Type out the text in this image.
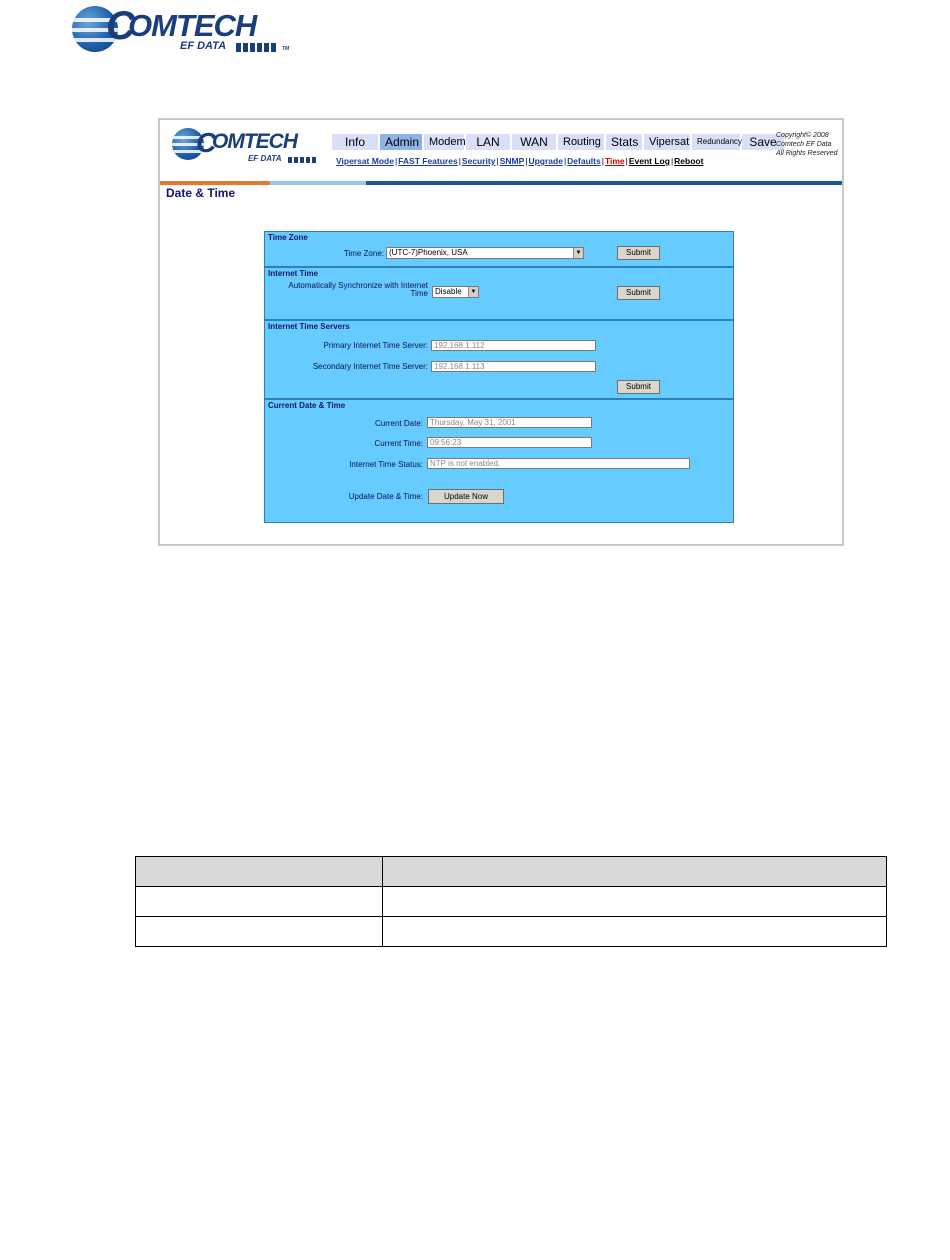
C
OMTECH
EF DATA	TM
C
OMTECH
EF DATA
Info	Admin Modem LAN	WAN	Routing Stats Vipersat Redundancy Save Copyright© 2008
Comtech EF Data
All Rights Reserved
Vipersat Mode|FAST Features|Security|SNMP|Upgrade|Defaults|Time|Event Log|Reboot
Date & Time
Time Zone
Time Zone: (UTC-7)Phoenix, USA	▼	Submit
Internet Time
Automatically Synchronize with Internet
Time Disable	▼	Submit
Internet Time Servers
Primary Internet Time Server: 192.168.1.112
Secondary Internet Time Server: 192.168.1.113
Submit
Current Date & Time
Current Date: Thursday, May 31, 2001
Current Time: 09:56:23
Internet Time Status: NTP is not enabled.
Update Date & Time:	Update Now
